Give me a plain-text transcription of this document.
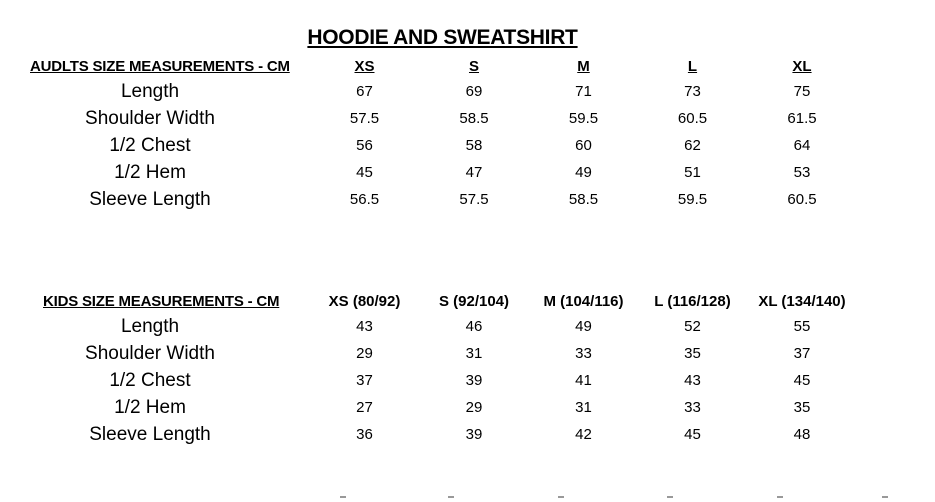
HOODIE AND SWEATSHIRT
AUDLTS SIZE MEASUREMENTS - CM	XS	S	M	L	XL
Length	67	69	71	73	75
Shoulder Width	57.5	58.5	59.5	60.5	61.5
1/2 Chest	56	58	60	62	64
1/2 Hem	45	47	49	51	53
Sleeve Length	56.5	57.5	58.5	59.5	60.5
KIDS SIZE MEASUREMENTS - CM	XS (80/92)	S (92/104)	M (104/116)	L (116/128)	XL (134/140)
Length	43	46	49	52	55
Shoulder Width	29	31	33	35	37
1/2 Chest	37	39	41	43	45
1/2 Hem	27	29	31	33	35
Sleeve Length	36	39	42	45	48
